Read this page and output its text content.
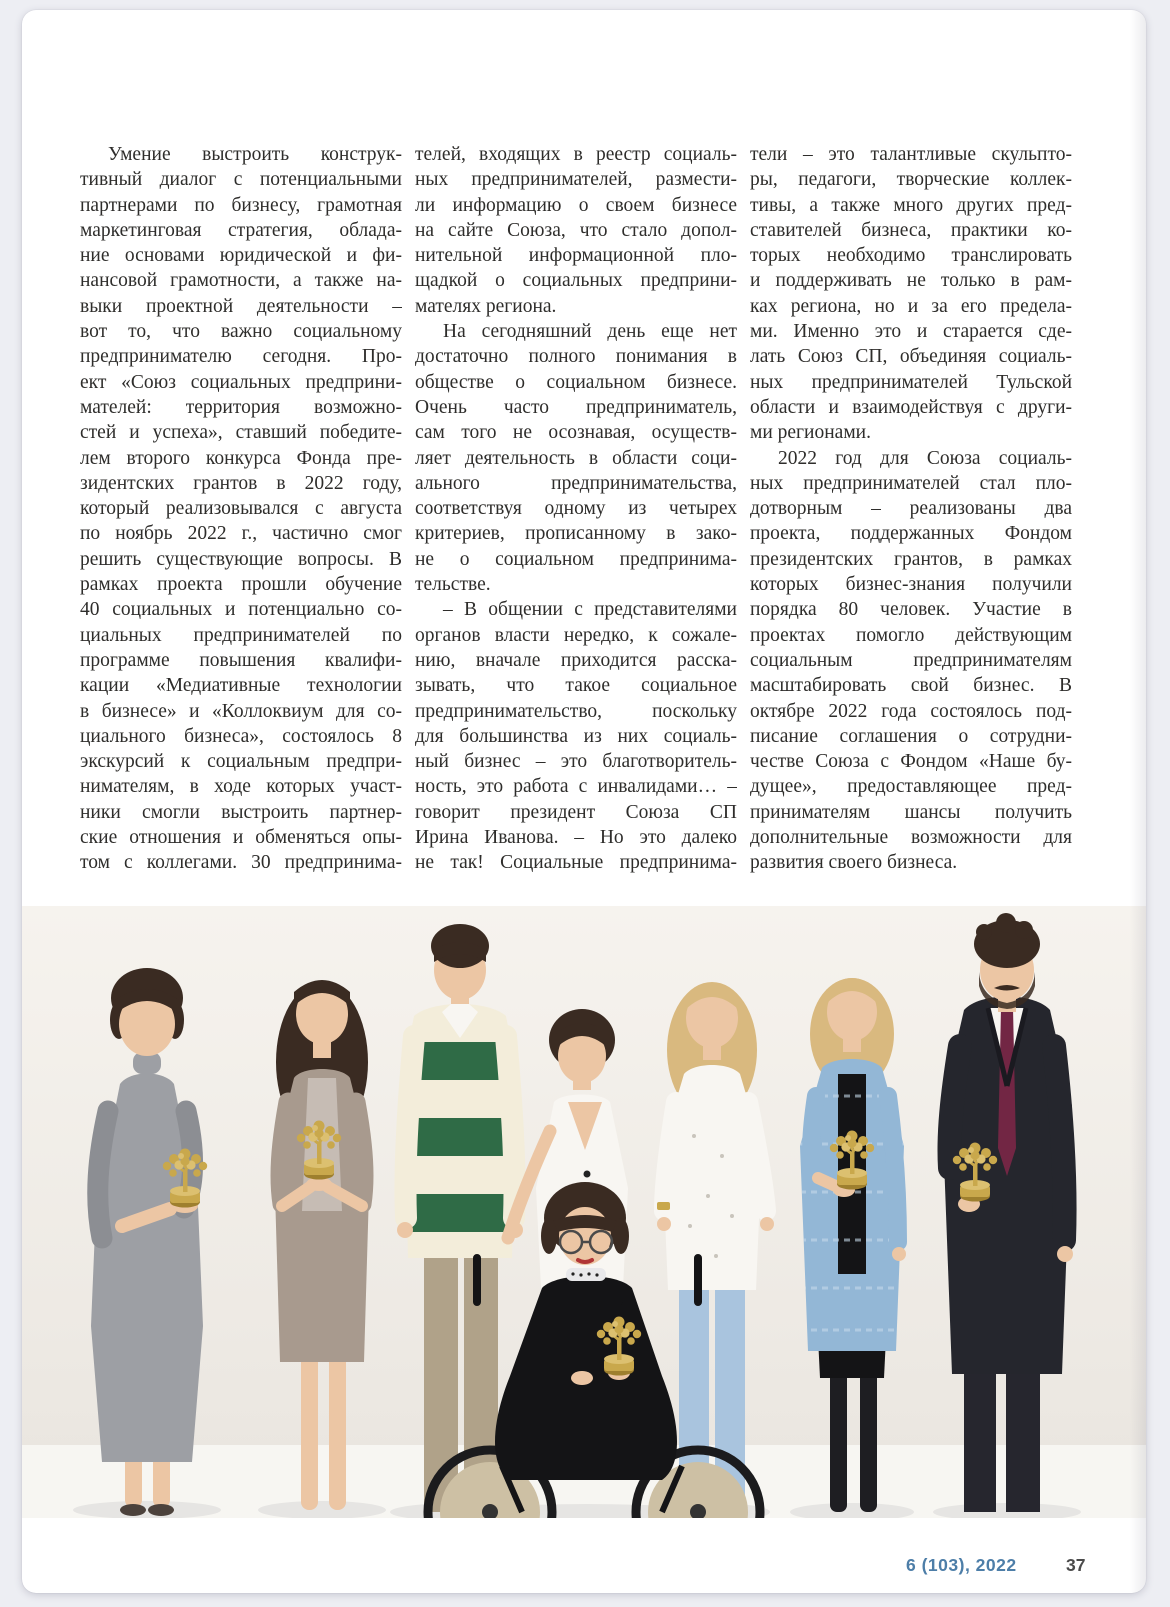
Умение выстроить конструк-
тивный диалог с потенциальными
партнерами по бизнесу, грамотная
маркетинговая стратегия, облада-
ние основами юридической и фи-
нансовой грамотности, а также на-
выки проектной деятельности –
вот то, что важно социальному
предпринимателю сегодня. Про-
ект «Союз социальных предприни-
мателей: территория возможно-
стей и успеха», ставший победите-
лем второго конкурса Фонда пре-
зидентских грантов в 2022 году,
который реализовывался с августа
по ноябрь 2022 г., частично смог
решить существующие вопросы. В
рамках проекта прошли обучение
40 социальных и потенциально со-
циальных предпринимателей по
программе повышения квалифи-
кации «Медиативные технологии
в бизнесе» и «Коллоквиум для со-
циального бизнеса», состоялось 8
экскурсий к социальным предпри-
нимателям, в ходе которых участ-
ники смогли выстроить партнер-
ские отношения и обменяться опы-
том с коллегами. 30 предпринима-
телей, входящих в реестр социаль-
ных предпринимателей, размести-
ли информацию о своем бизнесе
на сайте Союза, что стало допол-
нительной информационной пло-
щадкой о социальных предприни-
мателях региона.
На сегодняшний день еще нет
достаточно полного понимания в
обществе о социальном бизнесе.
Очень часто предприниматель,
сам того не осознавая, осуществ-
ляет деятельность в области соци-
ального предпринимательства,
соответствуя одному из четырех
критериев, прописанному в зако-
не о социальном предпринима-
тельстве.
– В общении с представителями
органов власти нередко, к сожале-
нию, вначале приходится расска-
зывать, что такое социальное
предпринимательство, поскольку
для большинства из них социаль-
ный бизнес – это благотворитель-
ность, это работа с инвалидами… –
говорит президент Союза СП
Ирина Иванова. – Но это далеко
не так! Социальные предпринима-
тели – это талантливые скульпто-
ры, педагоги, творческие коллек-
тивы, а также много других пред-
ставителей бизнеса, практики ко-
торых необходимо транслировать
и поддерживать не только в рам-
ках региона, но и за его предела-
ми. Именно это и старается сде-
лать Союз СП, объединяя социаль-
ных предпринимателей Тульской
области и взаимодействуя с други-
ми регионами.
2022 год для Союза социаль-
ных предпринимателей стал пло-
дотворным – реализованы два
проекта, поддержанных Фондом
президентских грантов, в рамках
которых бизнес-знания получили
порядка 80 человек. Участие в
проектах помогло действующим
социальным предпринимателям
масштабировать свой бизнес. В
октябре 2022 года состоялось под-
писание соглашения о сотрудни-
честве Союза с Фондом «Наше бу-
дущее», предоставляющее пред-
принимателям шансы получить
дополнительные возможности для
развития своего бизнеса.
6 (103), 2022	37
